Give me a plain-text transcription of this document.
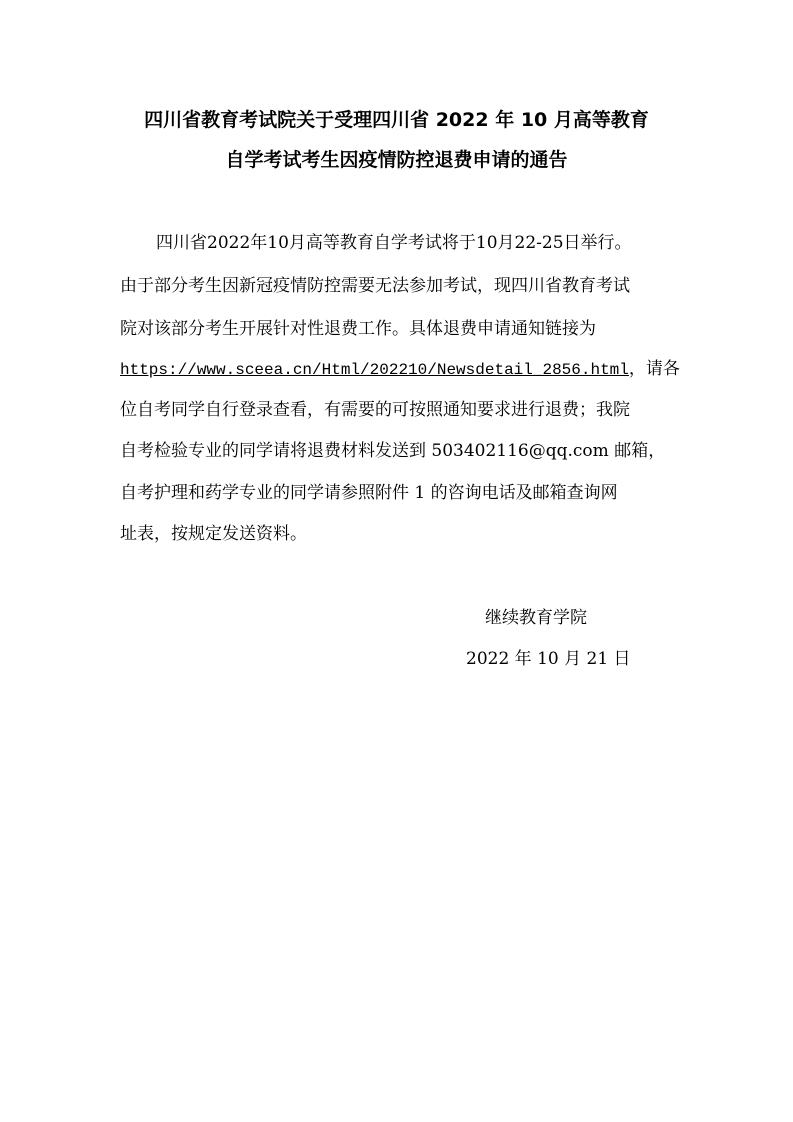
四川省教育考试院关于受理四川省 2022 年 10 月高等教育
自学考试考生因疫情防控退费申请的通告
四川省2022年10月高等教育自学考试将于10月22-25日举行。
由于部分考生因新冠疫情防控需要无法参加考试，现四川省教育考试
院对该部分考生开展针对性退费工作。具体退费申请通知链接为
https://www.sceea.cn/Html/202210/Newsdetail_2856.html，请各
位自考同学自行登录查看，有需要的可按照通知要求进行退费；我院
自考检验专业的同学请将退费材料发送到 503402116@qq.com 邮箱，
自考护理和药学专业的同学请参照附件 1 的咨询电话及邮箱查询网
址表，按规定发送资料。
继续教育学院
2022 年 10 月 21 日
